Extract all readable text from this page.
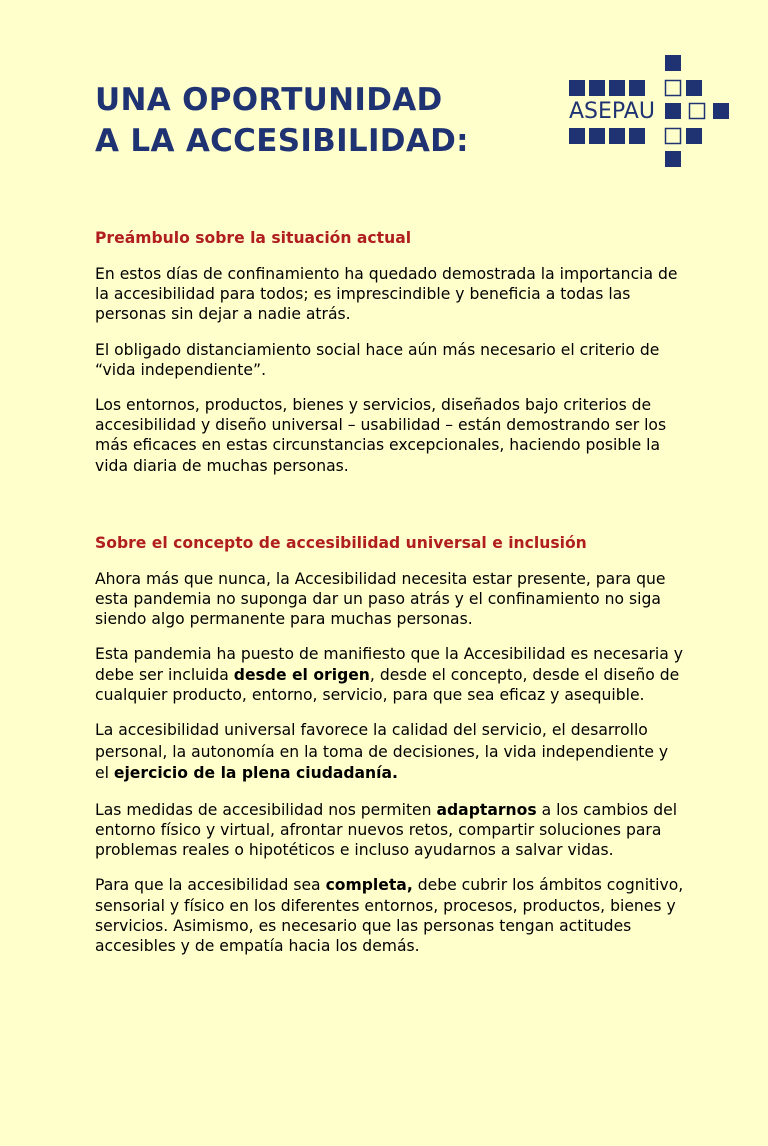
UNA OPORTUNIDAD
A LA ACCESIBILIDAD:
ASEPAU
Preámbulo sobre la situación actual

En estos días de confinamiento ha quedado demostrada la importancia de la accesibilidad para todos; es imprescindible y beneficia a todas las personas sin dejar a nadie atrás.

El obligado distanciamiento social hace aún más necesario el criterio de “vida independiente”.

Los entornos, productos, bienes y servicios, diseñados bajo criterios de accesibilidad y diseño universal – usabilidad – están demostrando ser los más eficaces en estas circunstancias excepcionales, haciendo posible la vida diaria de muchas personas.

Sobre el concepto de accesibilidad universal e inclusión

Ahora más que nunca, la Accesibilidad necesita estar presente, para que esta pandemia no suponga dar un paso atrás y el confinamiento no siga siendo algo permanente para muchas personas.

Esta pandemia ha puesto de manifiesto que la Accesibilidad es necesaria y debe ser incluida desde el origen, desde el concepto, desde el diseño de cualquier producto, entorno, servicio, para que sea eficaz y asequible.

La accesibilidad universal favorece la calidad del servicio, el desarrollo personal, la autonomía en la toma de decisiones, la vida independiente y el ejercicio de la plena ciudadanía.

Las medidas de accesibilidad nos permiten adaptarnos a los cambios del entorno físico y virtual, afrontar nuevos retos, compartir soluciones para problemas reales o hipotéticos e incluso ayudarnos a salvar vidas.

Para que la accesibilidad sea completa, debe cubrir los ámbitos cognitivo, sensorial y físico en los diferentes entornos, procesos, productos, bienes y servicios. Asimismo, es necesario que las personas tengan actitudes accesibles y de empatía hacia los demás.
